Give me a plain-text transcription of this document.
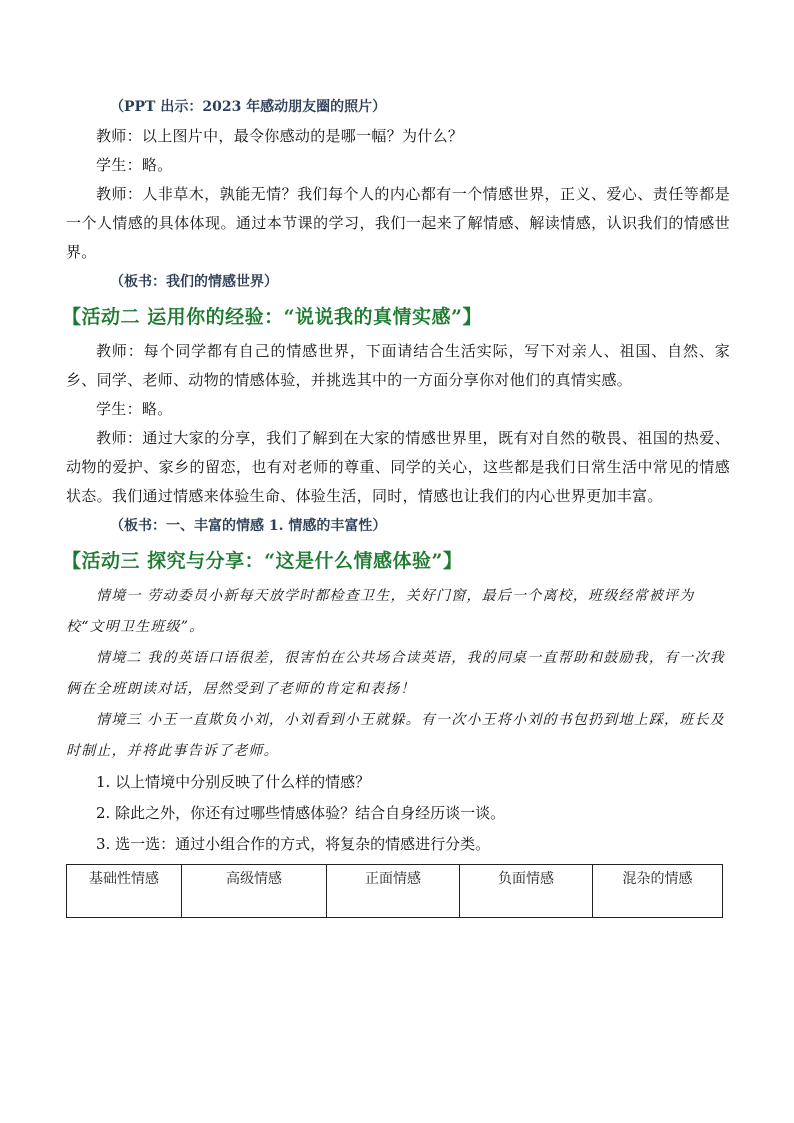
（PPT 出示：2023 年感动朋友圈的照片）

教师：以上图片中，最令你感动的是哪一幅？为什么？

学生：略。

教师：人非草木，孰能无情？我们每个人的内心都有一个情感世界，正义、爱心、责任等都是一个人情感的具体体现。通过本节课的学习，我们一起来了解情感、解读情感，认识我们的情感世界。

（板书：我们的情感世界）

【活动二 运用你的经验：“说说我的真情实感”】

教师：每个同学都有自己的情感世界，下面请结合生活实际，写下对亲人、祖国、自然、家乡、同学、老师、动物的情感体验，并挑选其中的一方面分享你对他们的真情实感。

学生：略。

教师：通过大家的分享，我们了解到在大家的情感世界里，既有对自然的敬畏、祖国的热爱、动物的爱护、家乡的留恋，也有对老师的尊重、同学的关心，这些都是我们日常生活中常见的情感状态。我们通过情感来体验生命、体验生活，同时，情感也让我们的内心世界更加丰富。

（板书：一、丰富的情感 1. 情感的丰富性）

【活动三 探究与分享：“这是什么情感体验”】

情境一 劳动委员小新每天放学时都检查卫生，关好门窗，最后一个离校，班级经常被评为校“文明卫生班级”。

情境二 我的英语口语很差，很害怕在公共场合读英语，我的同桌一直帮助和鼓励我，有一次我俩在全班朗读对话，居然受到了老师的肯定和表扬！

情境三 小王一直欺负小刘，小刘看到小王就躲。有一次小王将小刘的书包扔到地上踩，班长及时制止，并将此事告诉了老师。

1. 以上情境中分别反映了什么样的情感？

2. 除此之外，你还有过哪些情感体验？结合自身经历谈一谈。

3. 选一选：通过小组合作的方式，将复杂的情感进行分类。

基础性情感	高级情感	正面情感	负面情感	混杂的情感
